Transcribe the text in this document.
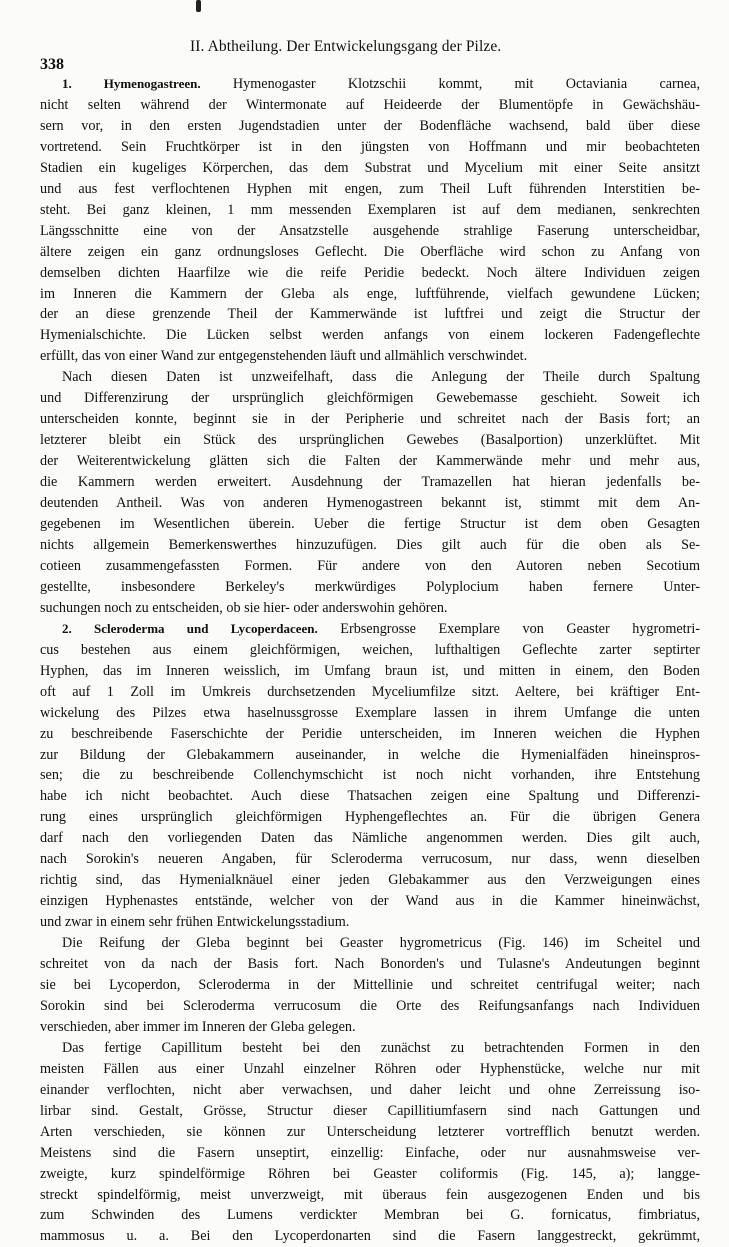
338
II. Abtheilung. Der Entwickelungsgang der Pilze.
1. Hymenogastreen. Hymenogaster Klotzschii kommt, mit Octaviania carnea,
nicht selten während der Wintermonate auf Heideerde der Blumentöpfe in Gewächshäu-
sern vor, in den ersten Jugendstadien unter der Bodenfläche wachsend, bald über diese
vortretend. Sein Fruchtkörper ist in den jüngsten von Hoffmann und mir beobachteten
Stadien ein kugeliges Körperchen, das dem Substrat und Mycelium mit einer Seite ansitzt
und aus fest verflochtenen Hyphen mit engen, zum Theil Luft führenden Interstitien be-
steht. Bei ganz kleinen, 1 mm messenden Exemplaren ist auf dem medianen, senkrechten
Längsschnitte eine von der Ansatzstelle ausgehende strahlige Faserung unterscheidbar,
ältere zeigen ein ganz ordnungsloses Geflecht. Die Oberfläche wird schon zu Anfang von
demselben dichten Haarfilze wie die reife Peridie bedeckt. Noch ältere Individuen zeigen
im Inneren die Kammern der Gleba als enge, luftführende, vielfach gewundene Lücken;
der an diese grenzende Theil der Kammerwände ist luftfrei und zeigt die Structur der
Hymenialschichte. Die Lücken selbst werden anfangs von einem lockeren Fadengeflechte
erfüllt, das von einer Wand zur entgegenstehenden läuft und allmählich verschwindet.
Nach diesen Daten ist unzweifelhaft, dass die Anlegung der Theile durch Spaltung
und Differenzirung der ursprünglich gleichförmigen Gewebemasse geschieht. Soweit ich
unterscheiden konnte, beginnt sie in der Peripherie und schreitet nach der Basis fort; an
letzterer bleibt ein Stück des ursprünglichen Gewebes (Basalportion) unzerklüftet. Mit
der Weiterentwickelung glätten sich die Falten der Kammerwände mehr und mehr aus,
die Kammern werden erweitert. Ausdehnung der Tramazellen hat hieran jedenfalls be-
deutenden Antheil. Was von anderen Hymenogastreen bekannt ist, stimmt mit dem An-
gegebenen im Wesentlichen überein. Ueber die fertige Structur ist dem oben Gesagten
nichts allgemein Bemerkenswerthes hinzuzufügen. Dies gilt auch für die oben als Se-
cotieen zusammengefassten Formen. Für andere von den Autoren neben Secotium
gestellte, insbesondere Berkeley's merkwürdiges Polyplocium haben fernere Unter-
suchungen noch zu entscheiden, ob sie hier- oder anderswohin gehören.
2. Scleroderma und Lycoperdaceen. Erbsengrosse Exemplare von Geaster hygrometri-
cus bestehen aus einem gleichförmigen, weichen, lufthaltigen Geflechte zarter septirter
Hyphen, das im Inneren weisslich, im Umfang braun ist, und mitten in einem, den Boden
oft auf 1 Zoll im Umkreis durchsetzenden Myceliumfilze sitzt. Aeltere, bei kräftiger Ent-
wickelung des Pilzes etwa haselnussgrosse Exemplare lassen in ihrem Umfange die unten
zu beschreibende Faserschichte der Peridie unterscheiden, im Inneren weichen die Hyphen
zur Bildung der Glebakammern auseinander, in welche die Hymenialfäden hineinspros-
sen; die zu beschreibende Collenchymschicht ist noch nicht vorhanden, ihre Entstehung
habe ich nicht beobachtet. Auch diese Thatsachen zeigen eine Spaltung und Differenzi-
rung eines ursprünglich gleichförmigen Hyphengeflechtes an. Für die übrigen Genera
darf nach den vorliegenden Daten das Nämliche angenommen werden. Dies gilt auch,
nach Sorokin's neueren Angaben, für Scleroderma verrucosum, nur dass, wenn dieselben
richtig sind, das Hymenialknäuel einer jeden Glebakammer aus den Verzweigungen eines
einzigen Hyphenastes entstände, welcher von der Wand aus in die Kammer hineinwächst,
und zwar in einem sehr frühen Entwickelungsstadium.
Die Reifung der Gleba beginnt bei Geaster hygrometricus (Fig. 146) im Scheitel und
schreitet von da nach der Basis fort. Nach Bonorden's und Tulasne's Andeutungen beginnt
sie bei Lycoperdon, Scleroderma in der Mittellinie und schreitet centrifugal weiter; nach
Sorokin sind bei Scleroderma verrucosum die Orte des Reifungsanfangs nach Individuen
verschieden, aber immer im Inneren der Gleba gelegen.
Das fertige Capillitum besteht bei den zunächst zu betrachtenden Formen in den
meisten Fällen aus einer Unzahl einzelner Röhren oder Hyphenstücke, welche nur mit
einander verflochten, nicht aber verwachsen, und daher leicht und ohne Zerreissung iso-
lirbar sind. Gestalt, Grösse, Structur dieser Capillitiumfasern sind nach Gattungen und
Arten verschieden, sie können zur Unterscheidung letzterer vortrefflich benutzt werden.
Meistens sind die Fasern unseptirt, einzellig: Einfache, oder nur ausnahmsweise ver-
zweigte, kurz spindelförmige Röhren bei Geaster coliformis (Fig. 145, a); langge-
streckt spindelförmig, meist unverzweigt, mit überaus fein ausgezogenen Enden und bis
zum Schwinden des Lumens verdickter Membran bei G. fornicatus, fimbriatus,
mammosus u. a. Bei den Lycoperdonarten sind die Fasern langgestreckt, gekrümmt,
